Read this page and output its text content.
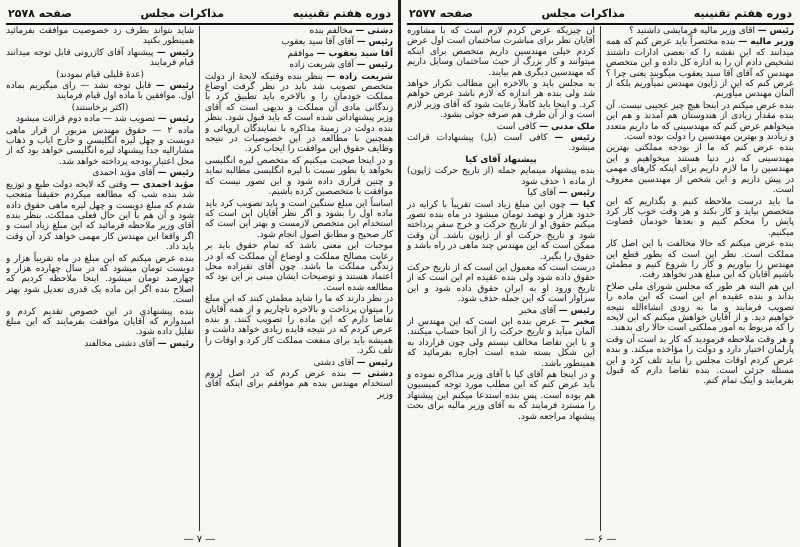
دوره هفتم تقنینیه
مذاکرات مجلس
صفحه ۲۵۷۸
دشتی — مخالفم بنده
رئیس — آقای آقا سید یعقوب
آقا سید یعقوب — موافقم
رئیس — آقای شریعت زاده
شریعت زاده — بنظر بنده وقتیکه لایحهٔ از دولت متخصص تصویب شد باید در نظر گرفت اوضاع مملکت خودمان را و بالاخره باید تطبیق کرد با زندگانی مادی آن مملکت و بدیهی است که آقای وزیر پیشنهاداتی شده است که باید قبول شود. بنظر بنده دولت در زمینهٔ مذاکره با نمایندگان اروپائی و همچنین با مطالعه در این خصوصیات در نتیجه وظایف حقوق این موافقت را ایجاب کرد.
و در اینجا صحبت میکنیم که متخصص لیره انگلیسی بخواهد یا بطور نسبت با لیره انگلیسی مطالبه نماید و چنین قراری داده شود و این تصور نیست که موافقت با متخصصین کرده باشیم.
اساساً این مبلغ سنگین است و باید تصویب کرد باید ماده اول را بشود و اگر نظر آقایان این است که استخدام این متخصص لازمست و بهتر این است که کار صحیح و مطابق اصول انجام شود.
موجبات این معنی باشد که تمام حقوق باید بر رعایت مصالح مملکت و اوضاع آن مملکت که او در زندگی مملکت ما باشد. چون آقای تقیزاده محل اعتماد هستند و توضیحات ایشان مبنی بر این بود که مطالعه شده است.
در نظر دارند که ما را شاید مطمئن کنند که این مبلغ را میتوان پرداخت و بالاخره ناچاریم و از همه آقایان تقاضا دارم که این ماده را تصویب کنند. و بنده عرض کردم که در نتیجه فایده زیادی خواهد داشت و همیشه باید برای منفعت مملکت کار کرد و اوقات را تلف نکرد.
رئیس — آقای دشتی
دشتی — بنده عرض کردم که در اصل لزوم استخدام مهندس بنده هم موافقم برای اینکه آقای وزیر
شاید بتواند بطرف زد خصوصیت موافقت بفرمائید همینطور بکنید
رئیس — پیشنهاد آقای کازرونی قابل توجه میدانند قیام فرمایند
(عدهٔ قلیلی قیام نمودند)
رئیس — قابل توجه نشد — رای میگیریم بماده اول. موافقین با ماده اول قیام فرمایند
(اکثر برخاستند)
رئیس — تصویب شد — ماده دوم قرائت میشود
ماده ۲ — حقوق مهندس مزبور از قرار ماهی دویست و چهل لیره انگلیسی و خارج ایاب و ذهاب مشارالیه جدا پیشنهاد لیره انگلیسی خواهد بود که از محل اعتبار بودجه پرداخته خواهد شد.
رئیس — آقای مؤید احمدی
مؤید احمدی — وقتی که لایحه دولت طبع و توزیع شد بنده شب که مطالعه میکردم حقیقتاً متعجب شدم که مبلغ دویست و چهل لیره ماهی حقوق داده شود و آن هم با این حال فعلی مملکت. بنظر بنده آقای وزیر ملاحظه فرمائید که این مبلغ زیاد است و اگر واقعا این مهندس کار مهمی خواهد کرد آن وقت باید داد.
بنده عرض میکنم که این مبلغ در ماه تقریباً هزار و دویست تومان میشود که در سال چهارده هزار و چهارصد تومان میشود. اینجا ملاحظه کردیم که اصلاح بنده اگر این ماده یک قدری تعدیل شود بهتر است.
بنده پیشنهادی در این خصوص تقدیم کردم و امیدوارم که آقایان موافقت بفرمایند که این مبلغ تقلیل داده شود.
رئیس — آقای دشتی مخالفند
— ۷ —
دوره هفتم تقنینیه
مذاکرات مجلس
صفحه ۲۵۷۷
رئیس — آقای وزیر مالیه فرمایشی داشتید ؟
وزیر مالیه — بنده مختصراً باید عرض کنم که همه میدانند که این نقشه را که بعضی ادارات داشتند تشخیص دادم آن را به اداره کل داده و این متخصص مهندس که آقای آقا سید یعقوب میگویند یعنی چرا ؟ عرض کنم که این از ژاپون مهندس نمیآوریم بلکه از آلمان مهندس میآوریم.
بنده عرض میکنم در اینجا هیچ چیز عجیبی نیست. آن بنده مقدار زیادی از هندوستان هم آمدند و هم این میخواهم عرض کنم که مهندسینی که ما داریم متعدد و زیادند و بهترین مهندسین را دولت بوده است.
بنده عرض کنم که ما از بودجه مملکتی بهترین مهندسینی که در دنیا هستند میخواهیم و این مهندسین را ما لازم داریم برای اینکه کارهای مهمی در پیش داریم و این شخص از مهندسین معروف است.
ما باید درست ملاحظه کنیم و بگذاریم که این متخصص بیاید و کار بکند و هر وقت خوب کار کرد پایش را محکم کنیم و بعدها خودمان قضاوت میکنیم.
بنده عرض میکنم که حالا مخالفت با این اصل کار مملکت است. نظر این است که بطور قطع این مهندس را بیاوریم و کار را شروع کنیم و مطمئن باشیم آقایان که این مبلغ هدر نخواهد رفت.
این هم البته هر طور که مجلس شورای ملی صلاح بداند و بنده عقیده ام این است که این ماده را تصویب فرمایند و ما به زودی انشاءالله نتیجه خواهیم دید. و از آقایان خواهش میکنم که این لایحه را که مربوط به امور مملکتی است حالا رای بدهند.
و هر وقت ملاحظه فرمودید که کار بد است آن وقت پارلمان اختیار دارد و دولت را مؤاخذه میکند. و بنده عرض کردم اوقات مجلس را نباید تلف کرد و این مسئله جزئی است. بنده تقاضا دارم که قبول بفرمایند و اینک تمام کنم.
آن چیزیکه عرض کردم لازم است که با مشاوره آقایان نظر برای مباشرت ساختمان است اول عرض کردم خیلی مهندسین داریم متخصص برای اینکه میتوانند و کار بزرگ از حیث ساختمان وسایل داریم که مهندسین دیگری هم بیایند.
به مجلس باید و بالاخره این مطالب تکرار خواهد شد ولی بنده هر اندازه که لازم باشد عرض خواهم کرد. و اینجا باید کاملاً رعایت شود که آقای وزیر لازم است و از آن طرف هم صرفه جوئی بشود.
ملک مدنی — کافی است
رئیس — کافی است (بل) پیشنهادات قرائت میشود.
پیشنهاد آقای کیا
بنده پیشنهاد مینمایم جمله (از تاریخ حرکت ژاپون) از ماده ۱ حذف شود
رئیس — آقای کیا
کیا — چون این مبلغ زیاد است تقریباً با کرایه در حدود هزار و نهصد تومان میشود در ماه بنده تصور میکنم حقوق او از تاریخ حرکت و خرج سفر پرداخته شود و تاریخ حرکت او از ژاپون باشد. آن وقت ممکن است که این مهندس چند ماهی در راه باشد و حقوق را بگیرد.
درست است که معمول این است که از تاریخ حرکت حقوق داده شود ولی بنده عقیده ام این است که از تاریخ ورود او به ایران حقوق داده شود و این سزاوار است که این جمله حذف شود.
رئیس — آقای مخبر
مخبر — عرض بنده این است که این مهندس از آلمان میآید و تاریخ حرکت را از آنجا حساب میکنند. و با این تقاضا مخالف نیستم ولی چون قرارداد به این شکل بسته شده است اجازه بفرمائید که همینطور باشد.
و در اینجا هم آقای کیا با آقای وزیر مذاکره نموده و باید عرض کنم که این مطلب مورد توجه کمیسیون هم بوده است. پس بنده استدعا میکنم این پیشنهاد را مسترد فرمایند که به آقای وزیر مالیه برای بحث پیشنهاد مراجعه شود.
— ۶ —
